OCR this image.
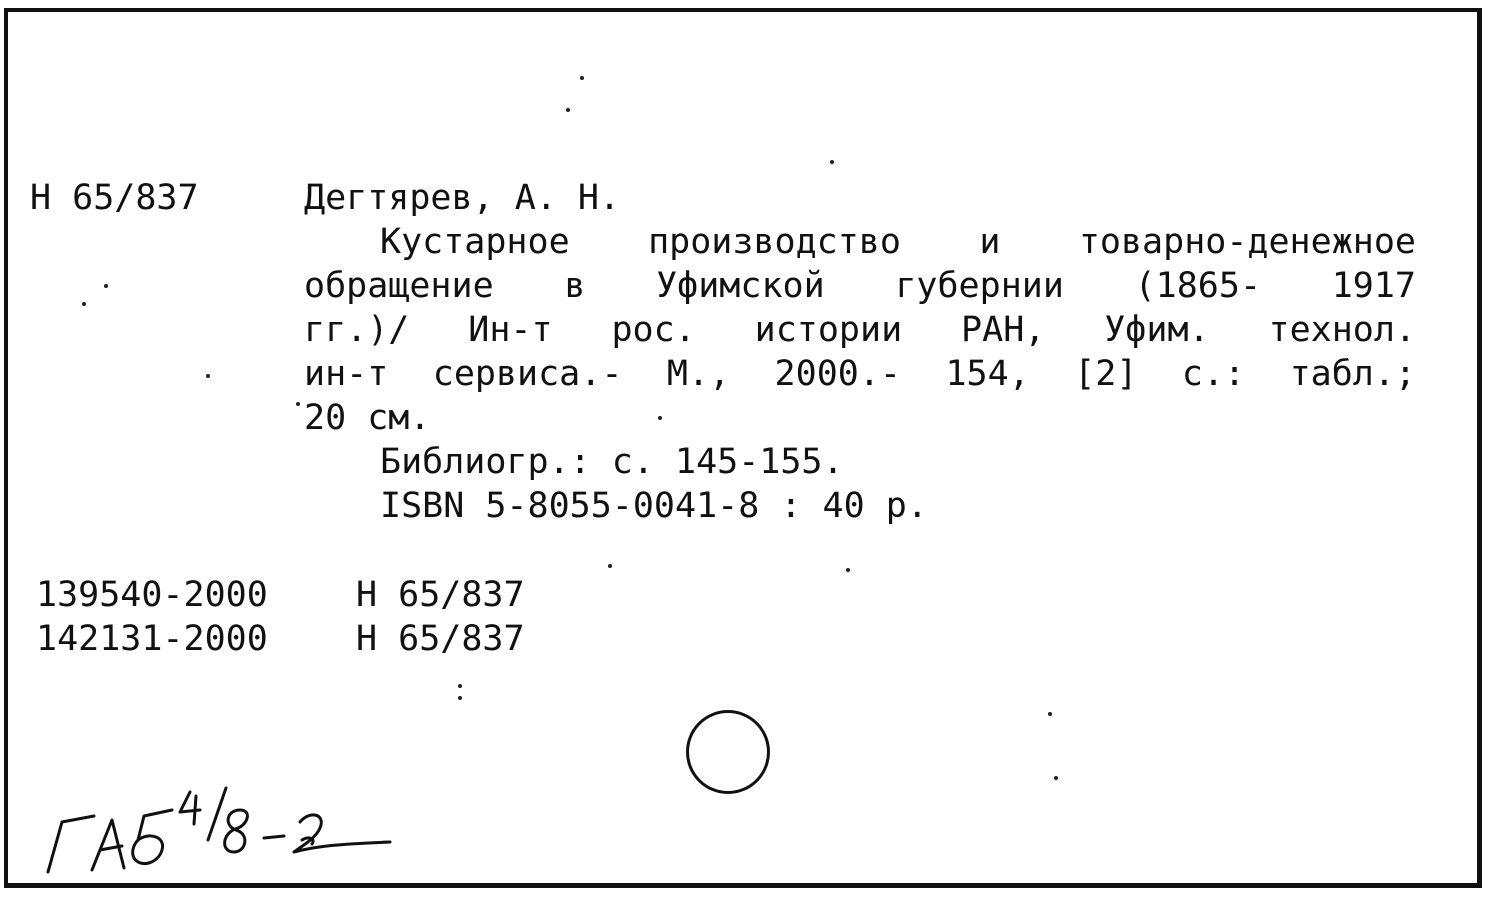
Н 65/837	Дегтярев, А. Н.
Кустарное производство и товарно-денежное
обращение в Уфимской губернии (1865- 1917
гг.)/ Ин-т рос. истории РАН, Уфим. технол.
ин-т сервиса.- М., 2000.- 154, [2] с.: табл.;
20 см.
Библиогр.: с. 145-155.
ISBN 5-8055-0041-8 : 40 р.
139540-2000	Н 65/837
142131-2000	Н 65/837
